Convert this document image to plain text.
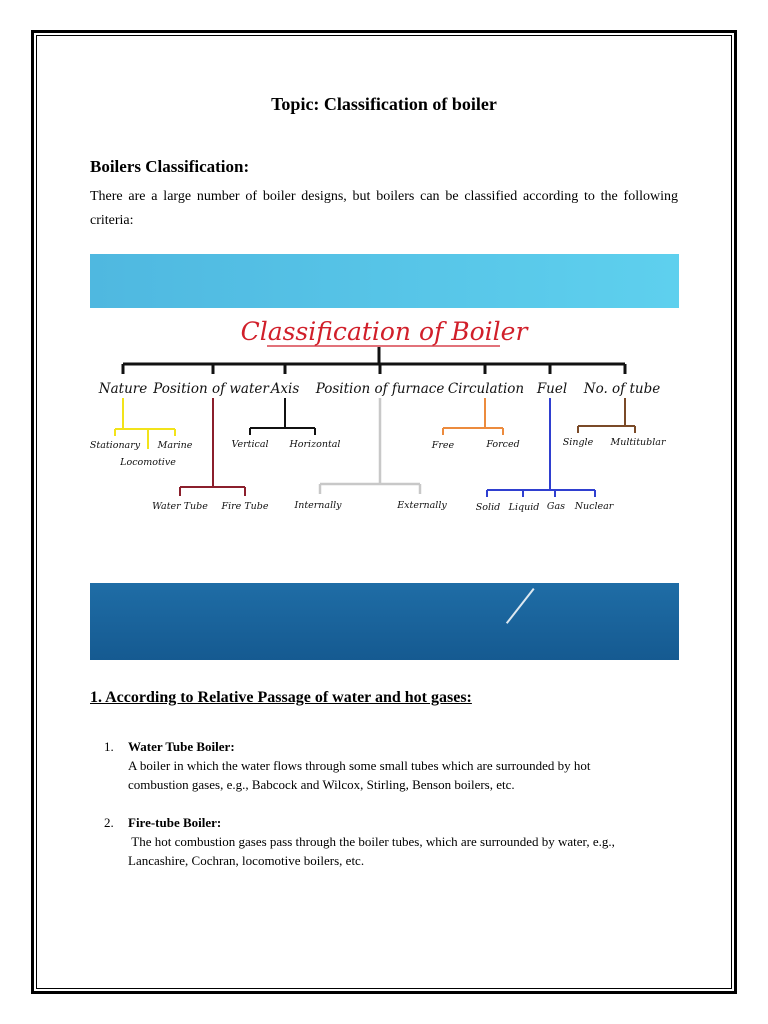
Topic: Classification of boiler
Boilers Classification:
There are a large number of boiler designs, but boilers can be classified according to the following criteria:
Classification of Boiler
Nature Position of water Axis Position of furnace Circulation Fuel No. of tube
Stationary
Locomotive
Marine
Water Tube Fire Tube
Vertical Horizontal
Internally	Externally
Free	Forced
Solid Liquid Gas Nuclear
Single Multitublar
1. According to Relative Passage of water and hot gases:
1. Water Tube Boiler:
A boiler in which the water flows through some small tubes which are surrounded by hot combustion gases, e.g., Babcock and Wilcox, Stirling, Benson boilers, etc.
2. Fire-tube Boiler:
The hot combustion gases pass through the boiler tubes, which are surrounded by water, e.g., Lancashire, Cochran, locomotive boilers, etc.
